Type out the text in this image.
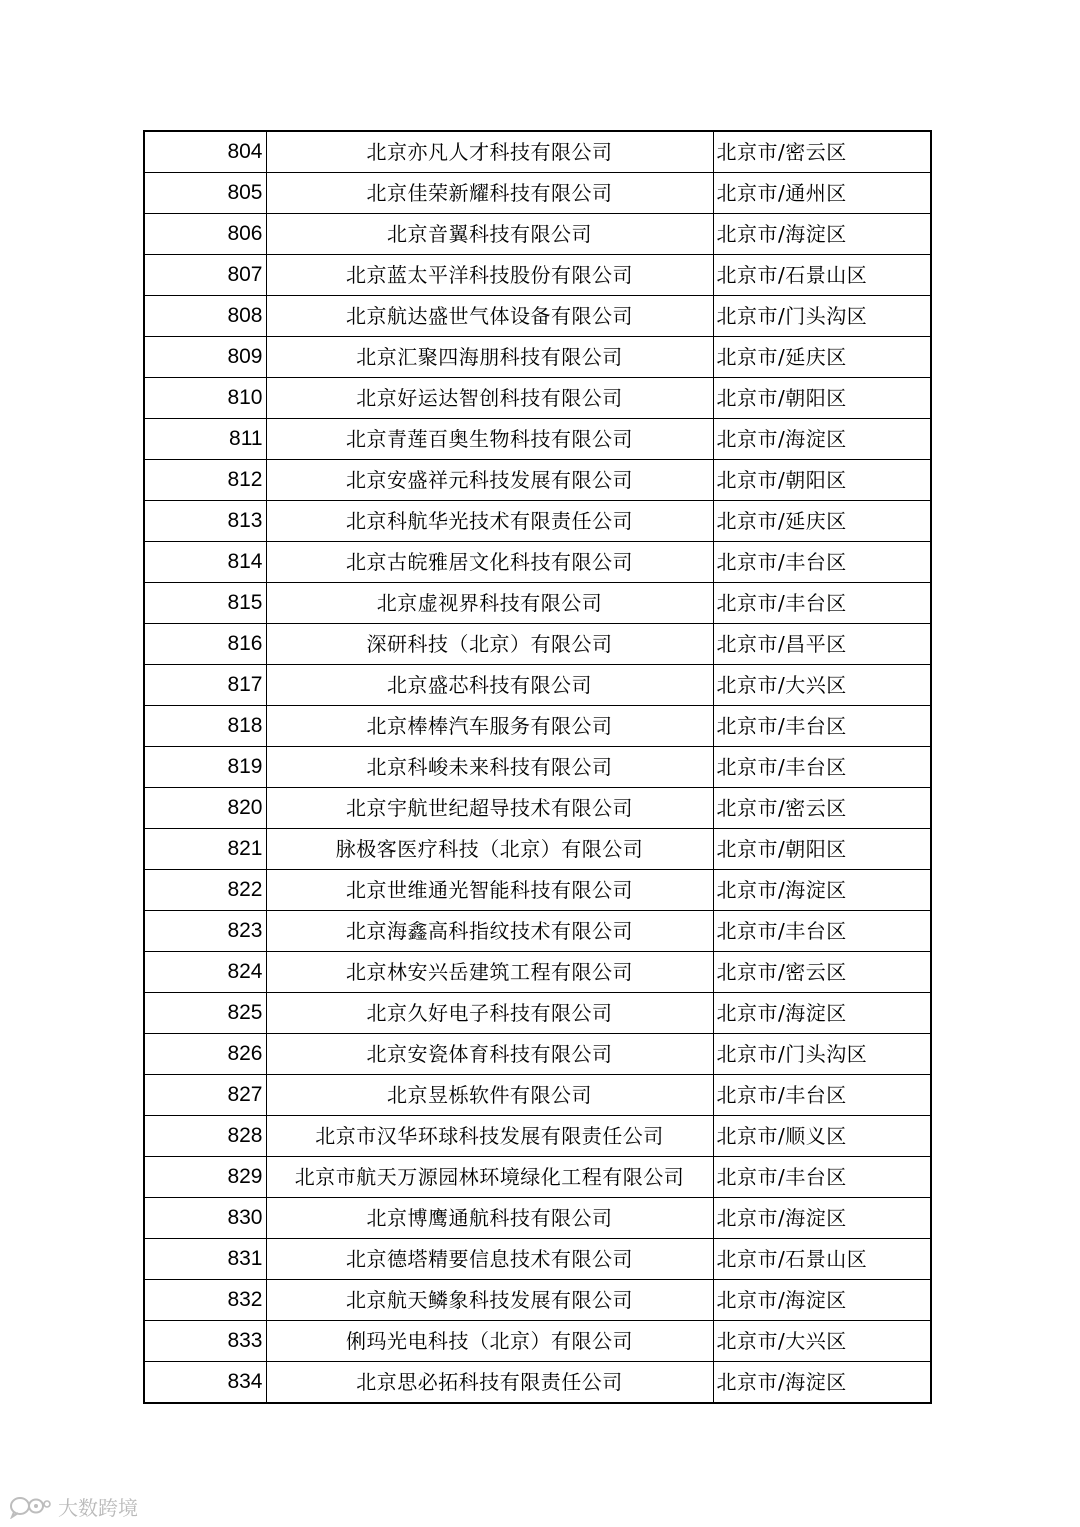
804	北京亦凡人才科技有限公司	北京市/密云区
805	北京佳荣新耀科技有限公司	北京市/通州区
806	北京音翼科技有限公司	北京市/海淀区
807	北京蓝太平洋科技股份有限公司	北京市/石景山区
808	北京航达盛世气体设备有限公司	北京市/门头沟区
809	北京汇聚四海朋科技有限公司	北京市/延庆区
810	北京好运达智创科技有限公司	北京市/朝阳区
811	北京青莲百奥生物科技有限公司	北京市/海淀区
812	北京安盛祥元科技发展有限公司	北京市/朝阳区
813	北京科航华光技术有限责任公司	北京市/延庆区
814	北京古皖雅居文化科技有限公司	北京市/丰台区
815	北京虚视界科技有限公司	北京市/丰台区
816	深研科技（北京）有限公司	北京市/昌平区
817	北京盛芯科技有限公司	北京市/大兴区
818	北京棒棒汽车服务有限公司	北京市/丰台区
819	北京科峻未来科技有限公司	北京市/丰台区
820	北京宇航世纪超导技术有限公司	北京市/密云区
821	脉极客医疗科技（北京）有限公司	北京市/朝阳区
822	北京世维通光智能科技有限公司	北京市/海淀区
823	北京海鑫高科指纹技术有限公司	北京市/丰台区
824	北京林安兴岳建筑工程有限公司	北京市/密云区
825	北京久好电子科技有限公司	北京市/海淀区
826	北京安瓷体育科技有限公司	北京市/门头沟区
827	北京昱栎软件有限公司	北京市/丰台区
828	北京市汉华环球科技发展有限责任公司	北京市/顺义区
829	北京市航天万源园林环境绿化工程有限公司	北京市/丰台区
830	北京博鹰通航科技有限公司	北京市/海淀区
831	北京德塔精要信息技术有限公司	北京市/石景山区
832	北京航天鳞象科技发展有限公司	北京市/海淀区
833	俐玛光电科技（北京）有限公司	北京市/大兴区
834	北京思必拓科技有限责任公司	北京市/海淀区
大数跨境
